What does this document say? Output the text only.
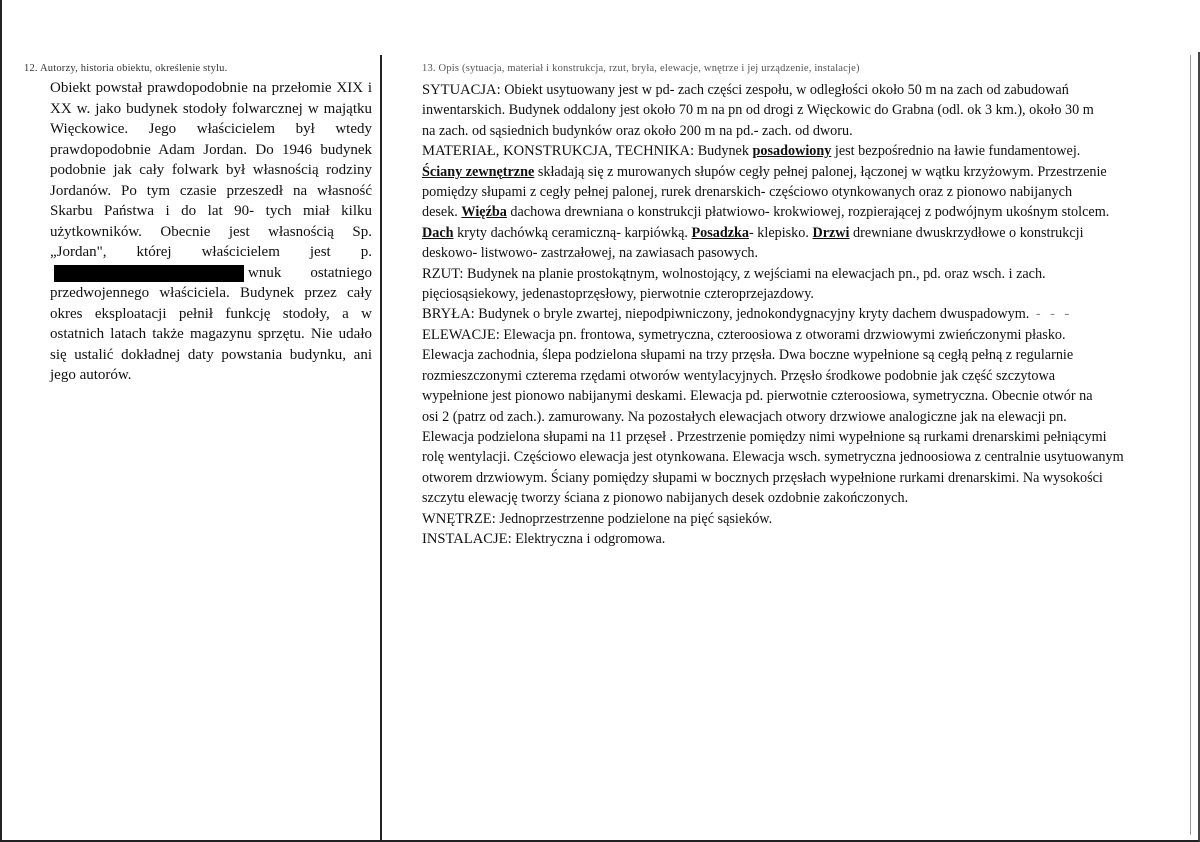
12. Autorzy, historia obiektu, określenie stylu.	13. Opis (sytuacja, materiał i konstrukcja, rzut, bryła, elewacje, wnętrze i jej urządzenie, instalacje)
Obiekt powstał prawdopodobnie na przełomie XIX i XX w. jako budynek stodoły folwarcznej w majątku Więckowice. Jego właścicielem był wtedy prawdopodobnie Adam Jordan. Do 1946 budynek podobnie jak cały folwark był własnością rodziny Jordanów. Po tym czasie przeszedł na własność Skarbu Państwa i do lat 90- tych miał kilku użytkowników. Obecnie jest własnością Sp. „Jordan", której właścicielem jest p.wnuk ostatniego przedwojennego właściciela. Budynek przez cały okres eksploatacji pełnił funkcję stodoły, a w ostatnich latach także magazynu sprzętu. Nie udało się ustalić dokładnej daty powstania budynku, ani jego autorów.

SYTUACJA: Obiekt usytuowany jest w pd- zach części zespołu, w odległości około 50 m na zach od zabudowań

inwentarskich. Budynek oddalony jest około 70 m na pn od drogi z Więckowic do Grabna (odl. ok 3 km.), około 30 m

na zach. od sąsiednich budynków oraz około 200 m na pd.- zach. od dworu.

MATERIAŁ, KONSTRUKCJA, TECHNIKA: Budynek posadowiony jest bezpośrednio na ławie fundamentowej.

Ściany zewnętrzne składają się z murowanych słupów cegły pełnej palonej, łączonej w wątku krzyżowym. Przestrzenie

pomiędzy słupami z cegły pełnej palonej, rurek drenarskich- częściowo otynkowanych oraz z pionowo nabijanych

desek. Więźba dachowa drewniana o konstrukcji płatwiowo- krokwiowej, rozpierającej z podwójnym ukośnym stolcem.

Dach kryty dachówką ceramiczną- karpiówką. Posadzka- klepisko. Drzwi drewniane dwuskrzydłowe o konstrukcji

deskowo- listwowo- zastrzałowej, na zawiasach pasowych.

RZUT: Budynek na planie prostokątnym, wolnostojący, z wejściami na elewacjach pn., pd. oraz wsch. i zach.

pięciosąsiekowy, jedenastoprzęsłowy, pierwotnie czteroprzejazdowy.

BRYŁA: Budynek o bryle zwartej, niepodpiwniczony, jednokondygnacyjny kryty dachem dwuspadowym. - - -

ELEWACJE: Elewacja pn. frontowa, symetryczna, czteroosiowa z otworami drzwiowymi zwieńczonymi płasko.

Elewacja zachodnia, ślepa podzielona słupami na trzy przęsła. Dwa boczne wypełnione są cegłą pełną z regularnie

rozmieszczonymi czterema rzędami otworów wentylacyjnych. Przęsło środkowe podobnie jak część szczytowa

wypełnione jest pionowo nabijanymi deskami. Elewacja pd. pierwotnie czteroosiowa, symetryczna. Obecnie otwór na

osi 2 (patrz od zach.). zamurowany. Na pozostałych elewacjach otwory drzwiowe analogiczne jak na elewacji pn.

Elewacja podzielona słupami na 11 przęseł . Przestrzenie pomiędzy nimi wypełnione są rurkami drenarskimi pełniącymi

rolę wentylacji. Częściowo elewacja jest otynkowana. Elewacja wsch. symetryczna jednoosiowa z centralnie usytuowanym

otworem drzwiowym. Ściany pomiędzy słupami w bocznych przęsłach wypełnione rurkami drenarskimi. Na wysokości

szczytu elewację tworzy ściana z pionowo nabijanych desek ozdobnie zakończonych.

WNĘTRZE: Jednoprzestrzenne podzielone na pięć sąsieków.

INSTALACJE: Elektryczna i odgromowa.
